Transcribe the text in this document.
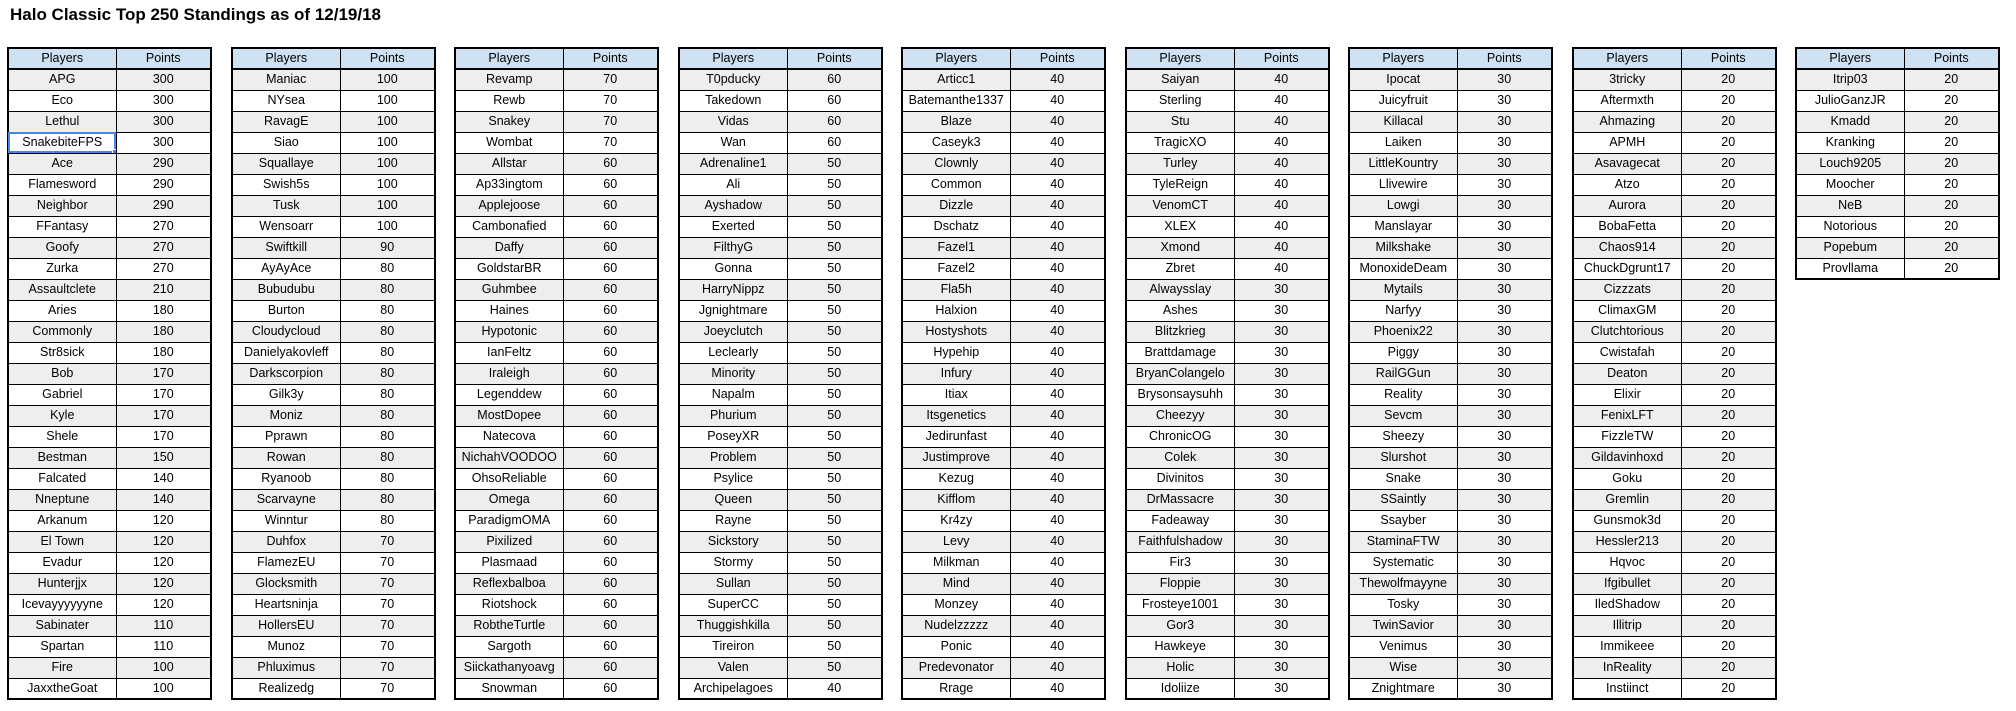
Halo Classic Top 250 Standings as of 12/19/18
Players	Points
APG	300
Eco	300
Lethul	300
SnakebiteFPS	300
Ace	290
Flamesword	290
Neighbor	290
FFantasy	270
Goofy	270
Zurka	270
Assaultclete	210
Aries	180
Commonly	180
Str8sick	180
Bob	170
Gabriel	170
Kyle	170
Shele	170
Bestman	150
Falcated	140
Nneptune	140
Arkanum	120
El Town	120
Evadur	120
Hunterjjx	120
Icevayyyyyyne	120
Sabinater	110
Spartan	110
Fire	100
JaxxtheGoat	100
Players	Points
Maniac	100
NYsea	100
RavagE	100
Siao	100
Squallaye	100
Swish5s	100
Tusk	100
Wensoarr	100
Swiftkill	90
AyAyAce	80
Bubudubu	80
Burton	80
Cloudycloud	80
Danielyakovleff	80
Darkscorpion	80
Gilk3y	80
Moniz	80
Pprawn	80
Rowan	80
Ryanoob	80
Scarvayne	80
Winntur	80
Duhfox	70
FlamezEU	70
Glocksmith	70
Heartsninja	70
HollersEU	70
Munoz	70
Phluximus	70
Realizedg	70
Players	Points
Revamp	70
Rewb	70
Snakey	70
Wombat	70
Allstar	60
Ap33ingtom	60
Applejoose	60
Cambonafied	60
Daffy	60
GoldstarBR	60
Guhmbee	60
Haines	60
Hypotonic	60
IanFeltz	60
Iraleigh	60
Legenddew	60
MostDopee	60
Natecova	60
NichahVOODOO	60
OhsoReliable	60
Omega	60
ParadigmOMA	60
Pixilized	60
Plasmaad	60
Reflexbalboa	60
Riotshock	60
RobtheTurtle	60
Sargoth	60
Siickathanyoavg	60
Snowman	60
Players	Points
T0pducky	60
Takedown	60
Vidas	60
Wan	60
Adrenaline1	50
Ali	50
Ayshadow	50
Exerted	50
FilthyG	50
Gonna	50
HarryNippz	50
Jgnightmare	50
Joeyclutch	50
Leclearly	50
Minority	50
Napalm	50
Phurium	50
PoseyXR	50
Problem	50
Psylice	50
Queen	50
Rayne	50
Sickstory	50
Stormy	50
Sullan	50
SuperCC	50
Thuggishkilla	50
Tireiron	50
Valen	50
Archipelagoes	40
Players	Points
Articc1	40
Batemanthe1337	40
Blaze	40
Caseyk3	40
Clownly	40
Common	40
Dizzle	40
Dschatz	40
Fazel1	40
Fazel2	40
Fla5h	40
Halxion	40
Hostyshots	40
Hypehip	40
Infury	40
Itiax	40
Itsgenetics	40
Jedirunfast	40
Justimprove	40
Kezug	40
Kifflom	40
Kr4zy	40
Levy	40
Milkman	40
Mind	40
Monzey	40
Nudelzzzzz	40
Ponic	40
Predevonator	40
Rrage	40
Players	Points
Saiyan	40
Sterling	40
Stu	40
TragicXO	40
Turley	40
TyleReign	40
VenomCT	40
XLEX	40
Xmond	40
Zbret	40
Alwaysslay	30
Ashes	30
Blitzkrieg	30
Brattdamage	30
BryanColangelo	30
Brysonsaysuhh	30
Cheezyy	30
ChronicOG	30
Colek	30
Divinitos	30
DrMassacre	30
Fadeaway	30
Faithfulshadow	30
Fir3	30
Floppie	30
Frosteye1001	30
Gor3	30
Hawkeye	30
Holic	30
Idoliize	30
Players	Points
Ipocat	30
Juicyfruit	30
Killacal	30
Laiken	30
LittleKountry	30
Llivewire	30
Lowgi	30
Manslayar	30
Milkshake	30
MonoxideDeam	30
Mytails	30
Narfyy	30
Phoenix22	30
Piggy	30
RailGGun	30
Reality	30
Sevcm	30
Sheezy	30
Slurshot	30
Snake	30
SSaintly	30
Ssayber	30
StaminaFTW	30
Systematic	30
Thewolfmayyne	30
Tosky	30
TwinSavior	30
Venimus	30
Wise	30
Znightmare	30
Players	Points
3tricky	20
Aftermxth	20
Ahmazing	20
APMH	20
Asavagecat	20
Atzo	20
Aurora	20
BobaFetta	20
Chaos914	20
ChuckDgrunt17	20
Cizzzats	20
ClimaxGM	20
Clutchtorious	20
Cwistafah	20
Deaton	20
Elixir	20
FenixLFT	20
FizzleTW	20
Gildavinhoxd	20
Goku	20
Gremlin	20
Gunsmok3d	20
Hessler213	20
Hqvoc	20
Ifgibullet	20
IledShadow	20
Illitrip	20
Immikeee	20
InReality	20
Instiinct	20
Players	Points
Itrip03	20
JulioGanzJR	20
Kmadd	20
Kranking	20
Louch9205	20
Moocher	20
NeB	20
Notorious	20
Popebum	20
Provllama	20
